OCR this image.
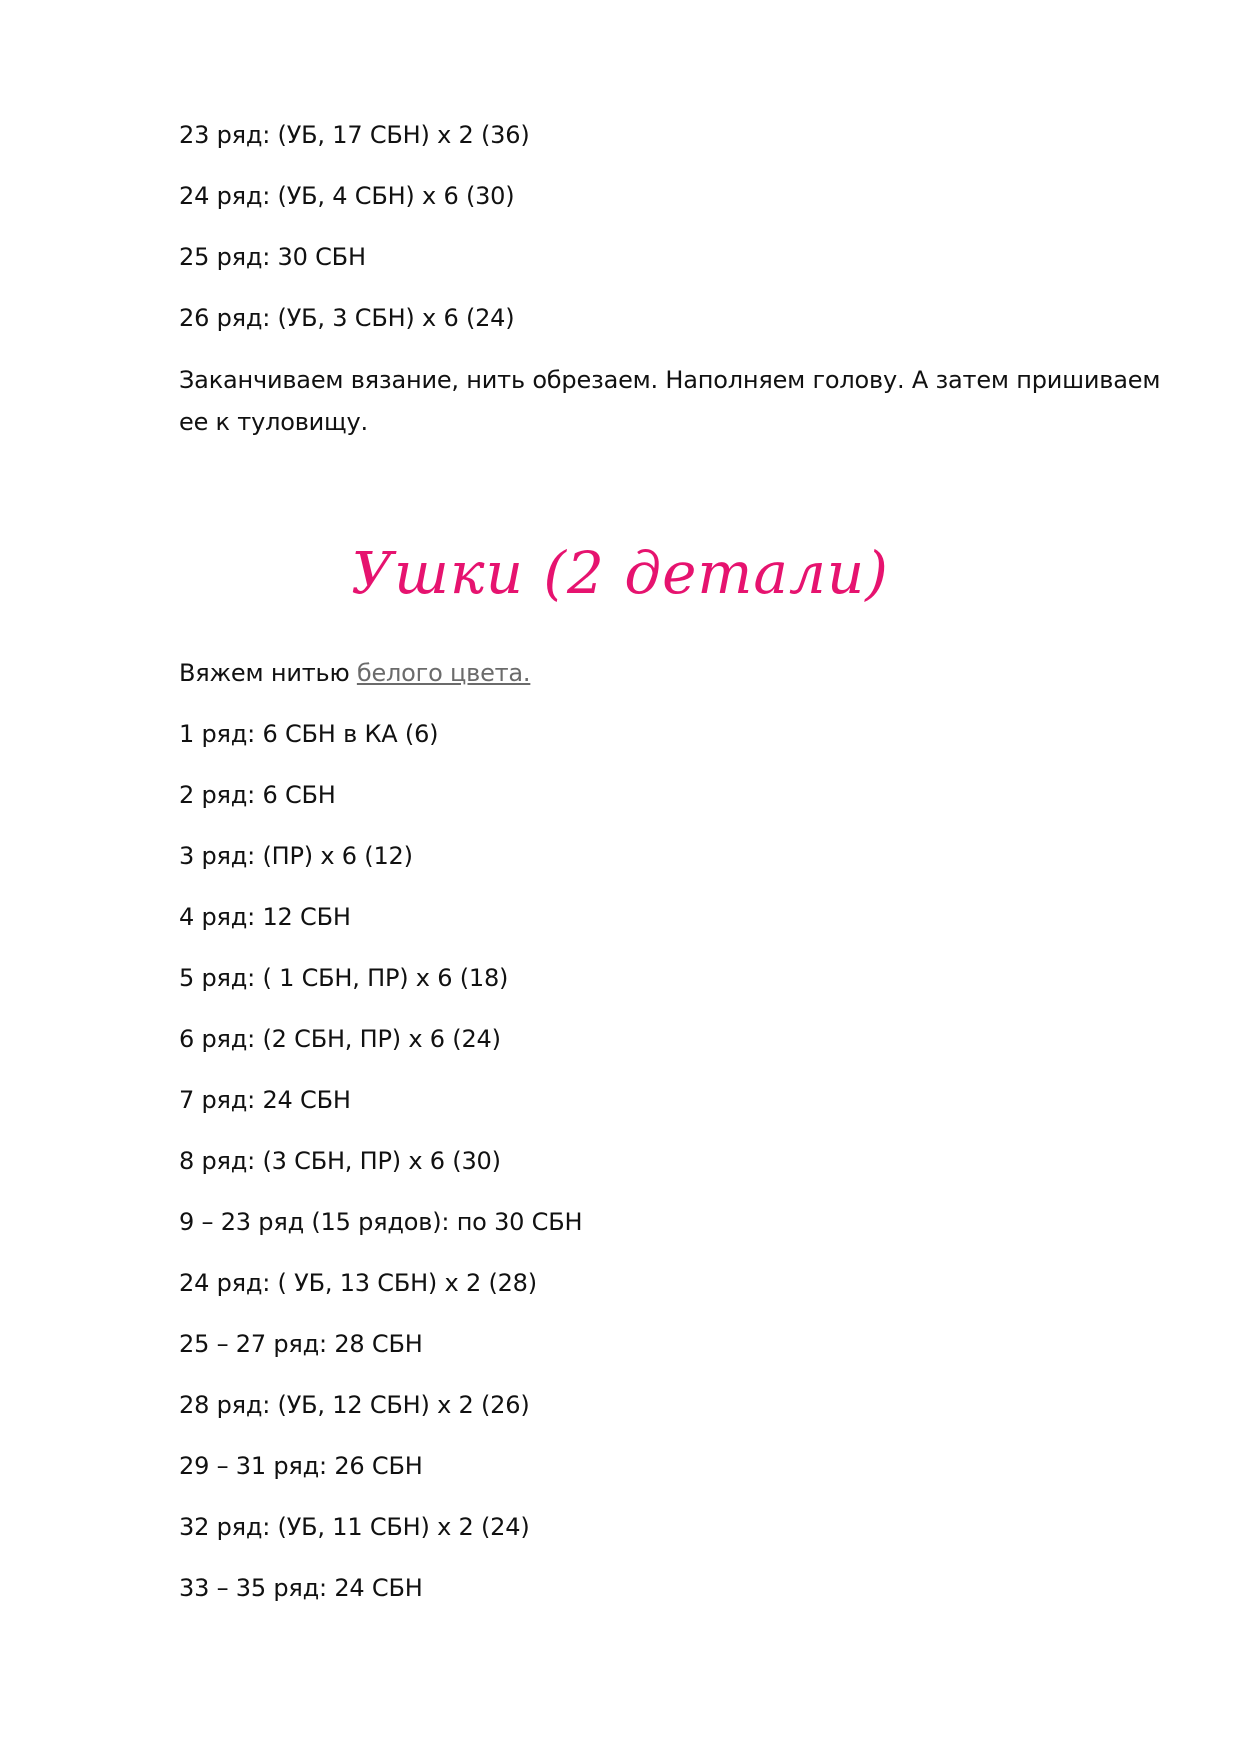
23 ряд: (УБ, 17 СБН) х 2 (36)
24 ряд: (УБ, 4 СБН) х 6 (30)
25 ряд: 30 СБН
26 ряд: (УБ, 3 СБН) х 6 (24)
Заканчиваем вязание, нить обрезаем. Наполняем голову. А затем пришиваем ее к туловищу.
Ушки (2 детали)
Вяжем нитью белого цвета.
1 ряд: 6 СБН в КА (6)
2 ряд: 6 СБН
3 ряд: (ПР) х 6 (12)
4 ряд: 12 СБН
5 ряд: ( 1 СБН, ПР) х 6 (18)
6 ряд: (2 СБН, ПР) х 6 (24)
7 ряд: 24 СБН
8 ряд: (3 СБН, ПР) х 6 (30)
9 – 23 ряд (15 рядов): по 30 СБН
24 ряд: ( УБ, 13 СБН) х 2 (28)
25 – 27 ряд: 28 СБН
28 ряд: (УБ, 12 СБН) х 2 (26)
29 – 31 ряд: 26 СБН
32 ряд: (УБ, 11 СБН) х 2 (24)
33 – 35 ряд: 24 СБН
